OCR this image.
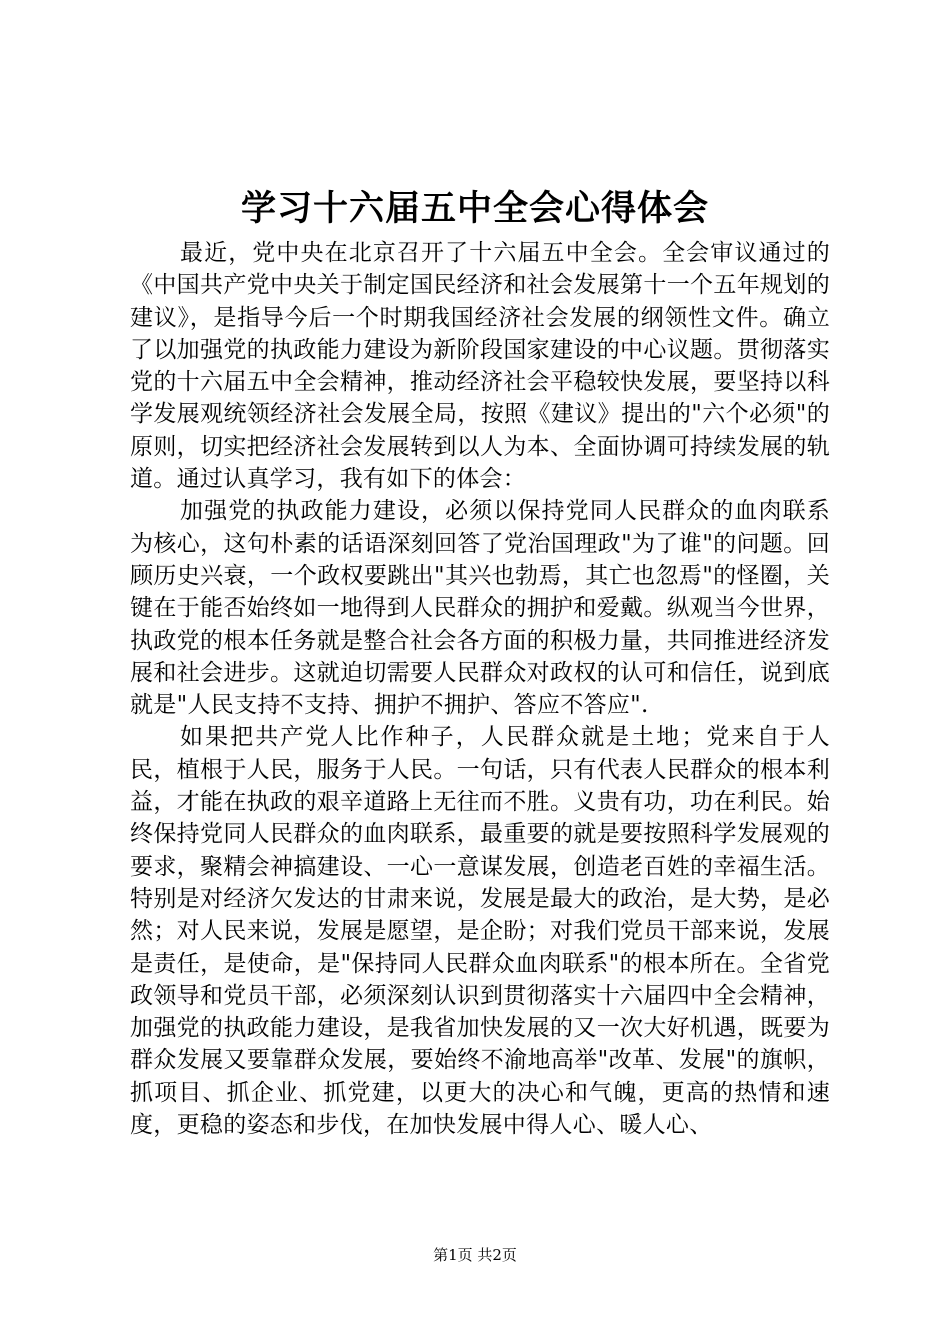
学习十六届五中全会心得体会

最近，党中央在北京召开了十六届五中全会。全会审议通过的《中国共产党中央关于制定国民经济和社会发展第十一个五年规划的建议》，是指导今后一个时期我国经济社会发展的纲领性文件。确立了以加强党的执政能力建设为新阶段国家建设的中心议题。贯彻落实党的十六届五中全会精神，推动经济社会平稳较快发展，要坚持以科学发展观统领经济社会发展全局，按照《建议》提出的"六个必须"的原则，切实把经济社会发展转到以人为本、全面协调可持续发展的轨道。通过认真学习，我有如下的体会：

加强党的执政能力建设，必须以保持党同人民群众的血肉联系为核心，这句朴素的话语深刻回答了党治国理政"为了谁"的问题。回顾历史兴衰，一个政权要跳出"其兴也勃焉，其亡也忽焉"的怪圈，关键在于能否始终如一地得到人民群众的拥护和爱戴。纵观当今世界，执政党的根本任务就是整合社会各方面的积极力量，共同推进经济发展和社会进步。这就迫切需要人民群众对政权的认可和信任，说到底就是"人民支持不支持、拥护不拥护、答应不答应".

如果把共产党人比作种子，人民群众就是土地；党来自于人民，植根于人民，服务于人民。一句话，只有代表人民群众的根本利益，才能在执政的艰辛道路上无往而不胜。义贵有功，功在利民。始终保持党同人民群众的血肉联系，最重要的就是要按照科学发展观的要求，聚精会神搞建设、一心一意谋发展，创造老百姓的幸福生活。特别是对经济欠发达的甘肃来说，发展是最大的政治，是大势，是必然；对人民来说，发展是愿望，是企盼；对我们党员干部来说，发展是责任，是使命，是"保持同人民群众血肉联系"的根本所在。全省党政领导和党员干部，必须深刻认识到贯彻落实十六届四中全会精神，加强党的执政能力建设，是我省加快发展的又一次大好机遇，既要为群众发展又要靠群众发展，要始终不渝地高举"改革、发展"的旗帜，抓项目、抓企业、抓党建，以更大的决心和气魄，更高的热情和速度，更稳的姿态和步伐，在加快发展中得人心、暖人心、

第1页 共2页
